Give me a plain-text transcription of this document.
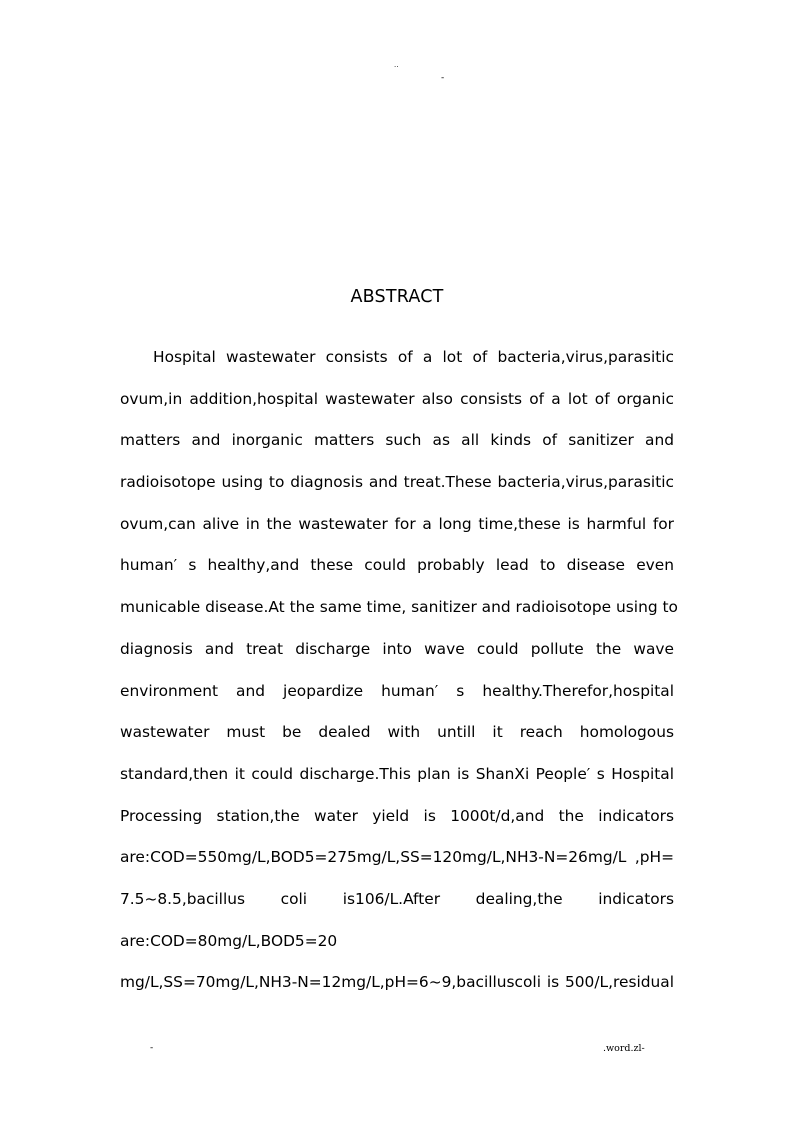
..
-
ABSTRACT
Hospital wastewater consists of a lot of bacteria,virus,parasitic
ovum,in addition,hospital wastewater also consists of a lot of organic
matters and inorganic matters such as all kinds of sanitizer and
radioisotope using to diagnosis and treat.These bacteria,virus,parasitic
ovum,can alive in the wastewater for a long time,these is harmful for
human′ s healthy,and these could probably lead to disease even
municable disease.At the same time, sanitizer and radioisotope using to
diagnosis and treat discharge into wave could pollute the wave
environment and jeopardize human′ s healthy.Therefor,hospital
wastewater must be dealed with untill it reach homologous
standard,then it could discharge.This plan is ShanXi People′ s Hospital
Processing station,the water yield is 1000t/d,and the indicators
are:COD=550mg/L,BOD5=275mg/L,SS=120mg/L,NH3-N=26mg/L ,pH=
7.5~8.5,bacillus coli is106/L.After dealing,the indicators
are:COD=80mg/L,BOD5=20
mg/L,SS=70mg/L,NH3-N=12mg/L,pH=6~9,bacilluscoli is 500/L,residual
-	.word.zl-
